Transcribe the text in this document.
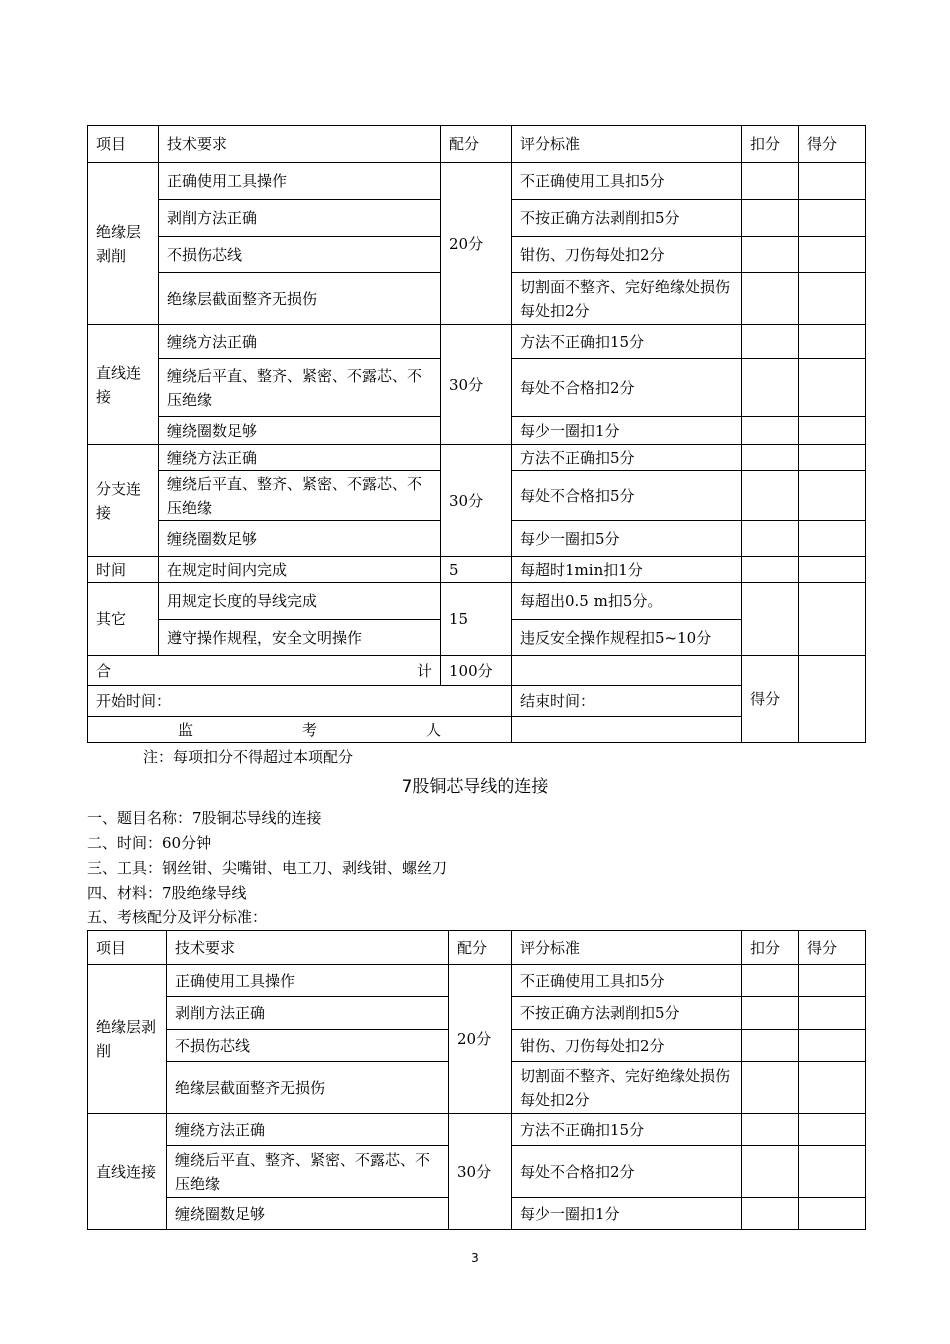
项目	技术要求	配分	评分标准	扣分	得分
绝缘层剥削	正确使用工具操作	20分	不正确使用工具扣5分		
	剥削方法正确		不按正确方法剥削扣5分		
	不损伤芯线		钳伤、刀伤每处扣2分		
	绝缘层截面整齐无损伤		切割面不整齐、完好绝缘处损伤每处扣2分		
直线连接	缠绕方法正确	30分	方法不正确扣15分		
	缠绕后平直、整齐、紧密、不露芯、不压绝缘		每处不合格扣2分		
	缠绕圈数足够		每少一圈扣1分		
分支连接	缠绕方法正确	30分	方法不正确扣5分		
	缠绕后平直、整齐、紧密、不露芯、不压绝缘		每处不合格扣5分		
	缠绕圈数足够		每少一圈扣5分		
时间	在规定时间内完成	5	每超时1min扣1分		
其它	用规定长度的导线完成	15	每超出0.5 m扣5分。		
	遵守操作规程，安全文明操作		违反安全操作规程扣5~10分		
合计		100分		得分	
开始时间：			结束时间：		
监考人					
注：每项扣分不得超过本项配分
7股铜芯导线的连接
一、题目名称：7股铜芯导线的连接
二、时间：60分钟
三、工具：钢丝钳、尖嘴钳、电工刀、剥线钳、螺丝刀
四、材料：7股绝缘导线
五、考核配分及评分标准：
项目	技术要求	配分	评分标准	扣分	得分
绝缘层剥削	正确使用工具操作	20分	不正确使用工具扣5分		
	剥削方法正确		不按正确方法剥削扣5分		
	不损伤芯线		钳伤、刀伤每处扣2分		
	绝缘层截面整齐无损伤		切割面不整齐、完好绝缘处损伤每处扣2分		
直线连接	缠绕方法正确	30分	方法不正确扣15分		
	缠绕后平直、整齐、紧密、不露芯、不压绝缘		每处不合格扣2分		
	缠绕圈数足够		每少一圈扣1分		
3
